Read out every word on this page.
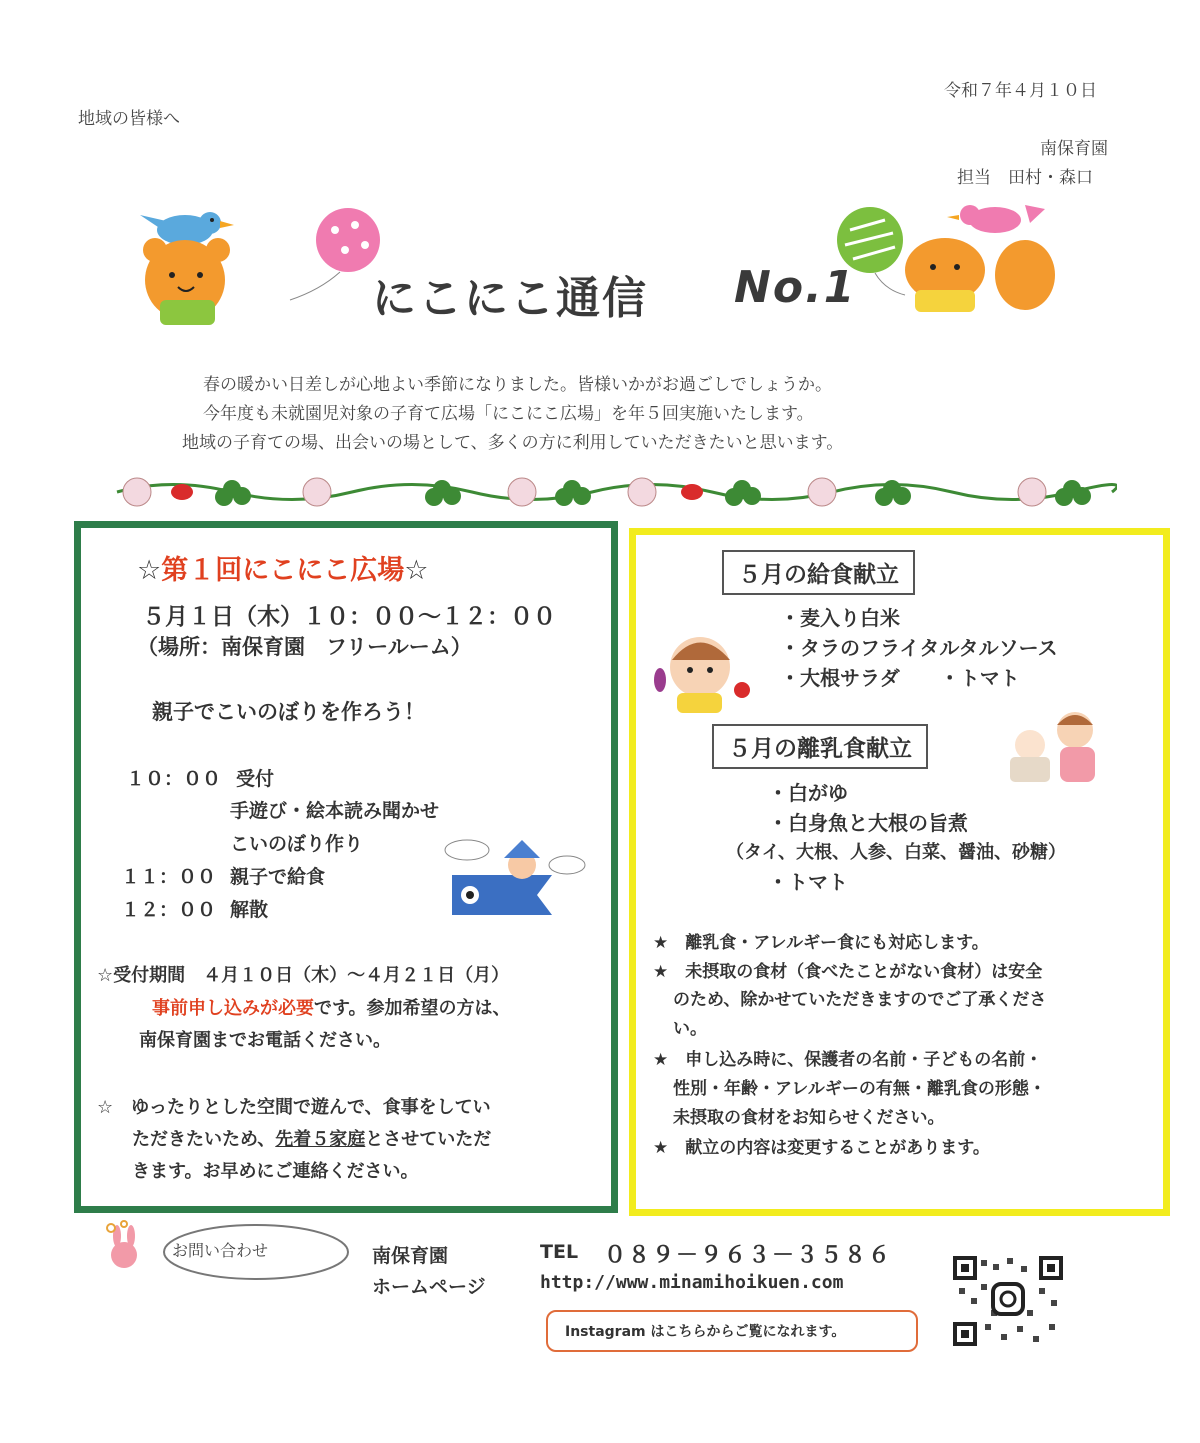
令和７年４月１０日
地域の皆様へ
南保育園
担当　田村・森口
にこにこ通信 No.1
春の暖かい日差しが心地よい季節になりました。皆様いかがお過ごしでしょうか。
今年度も未就園児対象の子育て広場「にこにこ広場」を年５回実施いたします。
地域の子育ての場、出会いの場として、多くの方に利用していただきたいと思います。
☆第１回にこにこ広場☆
５月１日（木）１０：００～１２：００
（場所：南保育園　フリールーム）
親子でこいのぼりを作ろう！
１０：００ 受付
手遊び・絵本読み聞かせ
こいのぼり作り
１１：００ 親子で給食
１２：００ 解散
☆受付期間　４月１０日（木）～４月２１日（月）
事前申し込みが必要です。参加希望の方は、
南保育園までお電話ください。
☆　ゆったりとした空間で遊んで、食事をしてい
ただきたいため、先着５家庭とさせていただ
きます。お早めにご連絡ください。
５月の給食献立
・麦入り白米
・タラのフライタルタルソース
・大根サラダ　　・トマト
５月の離乳食献立
・白がゆ
・白身魚と大根の旨煮
（タイ、大根、人参、白菜、醤油、砂糖）
・トマト
★　離乳食・アレルギー食にも対応します。
★　未摂取の食材（食べたことがない食材）は安全
のため、除かせていただきますのでご了承くださ
い。
★　申し込み時に、保護者の名前・子どもの名前・
性別・年齢・アレルギーの有無・離乳食の形態・
未摂取の食材をお知らせください。
★　献立の内容は変更することがあります。
お問い合わせ	南保育園	TEL ０８９－９６３－３５８６
ホームページ	http://www.minamihoikuen.com
Instagram はこちらからご覧になれます。
